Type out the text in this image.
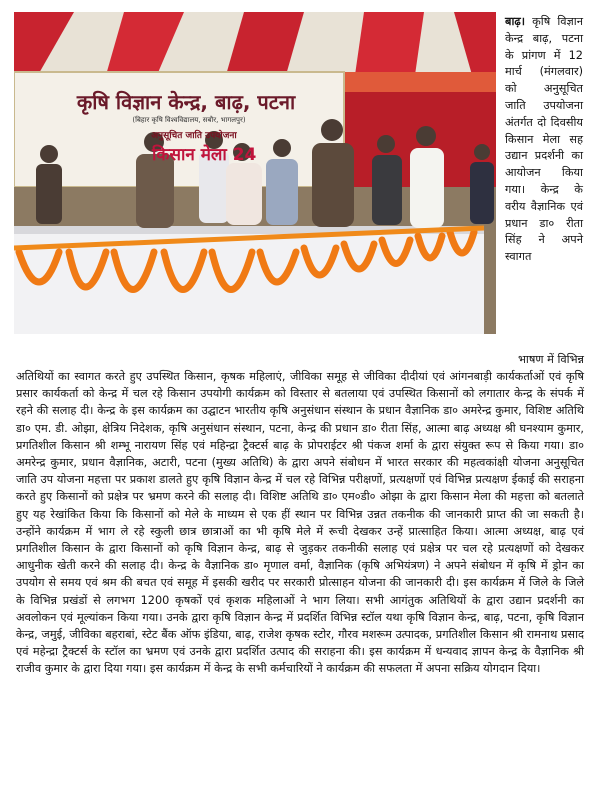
कृषि विज्ञान केन्द्र, बाढ़, पटना
(बिहार कृषि विश्वविद्यालय, सबौर, भागलपुर)
अनुसूचित जाति उपयोजना
किसान मेला 24
बाढ़। कृषि विज्ञान केन्द्र बाढ़, पटना के प्रांगण में 12 मार्च (मंगलवार) को अनुसूचित जाति उपयोजना अंतर्गत दो दिवसीय किसान मेला सह उद्यान प्रदर्शनी का आयोजन किया गया। केन्द्र के वरीय वैज्ञानिक एवं प्रधान डा० रीता सिंह ने अपने स्वागत
भाषण में विभिन्न
अतिथियों का स्वागत करते हुए उपस्थित किसान, कृषक महिलाएं, जीविका समूह से जीविका दीदीयां एवं आंगनबाड़ी कार्यकर्ताओं एवं कृषि प्रसार कार्यकर्ता को केन्द्र में चल रहे किसान उपयोगी कार्यक्रम को विस्तार से बतलाया एवं उपस्थित किसानों को लगातार केन्द्र के संपर्क में रहने की सलाह दी। केन्द्र के इस कार्यक्रम का उद्घाटन भारतीय कृषि अनुसंधान संस्थान के प्रधान वैज्ञानिक डा० अमरेन्द्र कुमार, विशिष्ट अतिथि डा० एम. डी. ओझा, क्षेत्रिय निदेशक, कृषि अनुसंधान संस्थान, पटना, केन्द्र की प्रधान डा० रीता सिंह, आत्मा बाढ़ अध्यक्ष श्री घनश्याम कुमार, प्रगतिशील किसान श्री शम्भू नारायण सिंह एवं महिन्द्रा ट्रैक्टर्स बाढ़ के प्रोपराईटर श्री पंकज शर्मा के द्वारा संयुक्त रूप से किया गया। डा० अमरेन्द्र कुमार, प्रधान वैज्ञानिक, अटारी, पटना (मुख्य अतिथि) के द्वारा अपने संबोधन में भारत सरकार की महत्वकांक्षी योजना अनुसूचित जाति उप योजना महत्ता पर प्रकाश डालते हुए कृषि विज्ञान केन्द्र में चल रहे विभिन्न परीक्षणों, प्रत्यक्षणों एवं विभिन्न प्रत्यक्षण ईकाई की सराहना करते हुए किसानों को प्रक्षेत्र पर भ्रमण करने की सलाह दी। विशिष्ट अतिथि डा० एम०डी० ओझा के द्वारा किसान मेला की महत्ता को बतलाते हुए यह रेखांकित किया कि किसानों को मेले के माध्यम से एक हीं स्थान पर विभिन्न उन्नत तकनीक की जानकारी प्राप्त की जा सकती है। उन्होंने कार्यक्रम में भाग ले रहे स्कुली छात्र छात्राओं का भी कृषि मेले में रूची देखकर उन्हें प्रात्साहित किया। आत्मा अध्यक्ष, बाढ़ एवं प्रगतिशील किसान के द्वारा किसानों को कृषि विज्ञान केन्द्र, बाढ़ से जुड़कर तकनीकी सलाह एवं प्रक्षेत्र पर चल रहे प्रत्यक्षणों को देखकर आधुनीक खेती करने की सलाह दी। केन्द्र के वैज्ञानिक डा० मृणाल वर्मा, वैज्ञानिक (कृषि अभियंत्रण) ने अपने संबोधन में कृषि में ड्रोन का उपयोग से समय एवं श्रम की बचत एवं समूह में इसकी खरीद पर सरकारी प्रोत्साहन योजना की जानकारी दी। इस कार्यक्रम में जिले के जिले के विभिन्न प्रखंडों से लगभग 1200 कृषकों एवं कृशक महिलाओं ने भाग लिया। सभी आगंतुक अतिथियों के द्वारा उद्यान प्रदर्शनी का अवलोकन एवं मूल्यांकन किया गया। उनके द्वारा कृषि विज्ञान केन्द्र में प्रदर्शित विभिन्न स्टॉल यथा कृषि विज्ञान केन्द्र, बाढ़, पटना, कृषि विज्ञान केन्द्र, जमुई, जीविका बहराबां, स्टेट बैंक ऑफ इंडिया, बाढ़, राजेश कृषक स्टोर, गौरव मशरूम उत्पादक, प्रगतिशील किसान श्री रामनाथ प्रसाद एवं महेन्द्रा ट्रैक्टर्स के स्टॉल का भ्रमण एवं उनके द्वारा प्रदर्शित उत्पाद की सराहना की। इस कार्यक्रम में धन्यवाद ज्ञापन केन्द्र के वैज्ञानिक श्री राजीव कुमार के द्वारा दिया गया। इस कार्यक्रम में केन्द्र के सभी कर्मचारियों ने कार्यक्रम की सफलता में अपना सक्रिय योगदान दिया।
